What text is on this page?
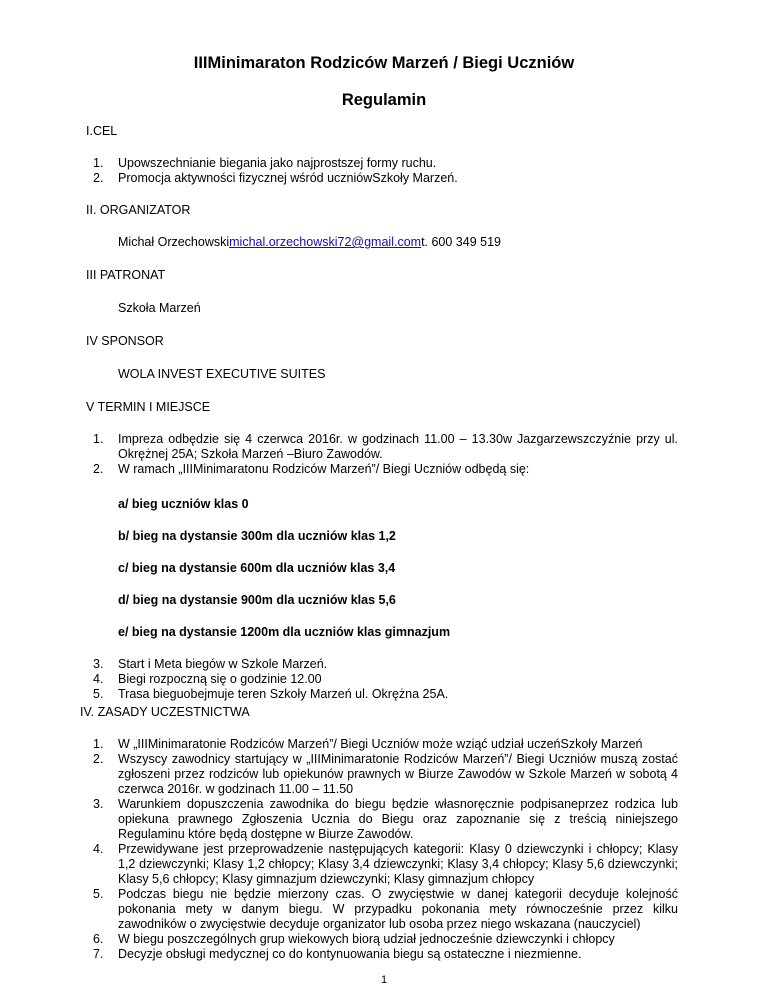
IIIMinimaraton Rodziców Marzeń / Biegi Uczniów
Regulamin
I.CEL
1.	Upowszechnianie biegania jako najprostszej formy ruchu.
2.	Promocja aktywności fizycznej wśród uczniówSzkoły Marzeń.
II. ORGANIZATOR
Michał Orzechowskimichal.orzechowski72@gmail.comt. 600 349 519
III PATRONAT
Szkoła Marzeń
IV SPONSOR
WOLA INVEST EXECUTIVE SUITES
V TERMIN I MIEJSCE
1.	Impreza odbędzie się 4 czerwca 2016r. w godzinach 11.00 – 13.30w Jazgarzewszczyźnie przy ul. Okrężnej 25A; Szkoła Marzeń –Biuro Zawodów.
2.	W ramach „IIIMinimaratonu Rodziców Marzeń”/ Biegi Uczniów odbędą się:
a/ bieg uczniów klas 0
b/ bieg na dystansie 300m dla uczniów klas 1,2
c/ bieg na dystansie 600m dla uczniów klas 3,4
d/ bieg na dystansie 900m dla uczniów klas 5,6
e/ bieg na dystansie 1200m dla uczniów klas gimnazjum
3.	Start i Meta biegów w Szkole Marzeń.
4.	Biegi rozpoczną się o godzinie 12.00
5.	Trasa bieguobejmuje teren Szkoły Marzeń ul. Okrężna 25A.
IV. ZASADY UCZESTNICTWA
1.	W „IIIMinimaratonie Rodziców Marzeń”/ Biegi Uczniów może wziąć udział uczeńSzkoły Marzeń
2.	Wszyscy zawodnicy startujący w „IIIMinimaratonie Rodziców Marzeń”/ Biegi Uczniów muszą zostać zgłoszeni przez rodziców lub opiekunów prawnych w Biurze Zawodów w Szkole Marzeń w sobotą 4 czerwca 2016r. w godzinach 11.00 – 11.50
3.	Warunkiem dopuszczenia zawodnika do biegu będzie własnoręcznie podpisaneprzez rodzica lub opiekuna prawnego Zgłoszenia Ucznia do Biegu oraz zapoznanie się z treścią niniejszego Regulaminu które będą dostępne w Biurze Zawodów.
4.	Przewidywane jest przeprowadzenie następujących kategorii: Klasy 0 dziewczynki i chłopcy; Klasy 1,2 dziewczynki; Klasy 1,2 chłopcy; Klasy 3,4 dziewczynki; Klasy 3,4 chłopcy; Klasy 5,6 dziewczynki; Klasy 5,6 chłopcy; Klasy gimnazjum dziewczynki; Klasy gimnazjum chłopcy
5.	Podczas biegu nie będzie mierzony czas. O zwycięstwie w danej kategorii decyduje kolejność pokonania mety w danym biegu. W przypadku pokonania mety równocześnie przez kilku zawodników o zwycięstwie decyduje organizator lub osoba przez niego wskazana (nauczyciel)
6.	W biegu poszczególnych grup wiekowych biorą udział jednocześnie dziewczynki i chłopcy
7.	Decyzje obsługi medycznej co do kontynuowania biegu są ostateczne i niezmienne.
1
